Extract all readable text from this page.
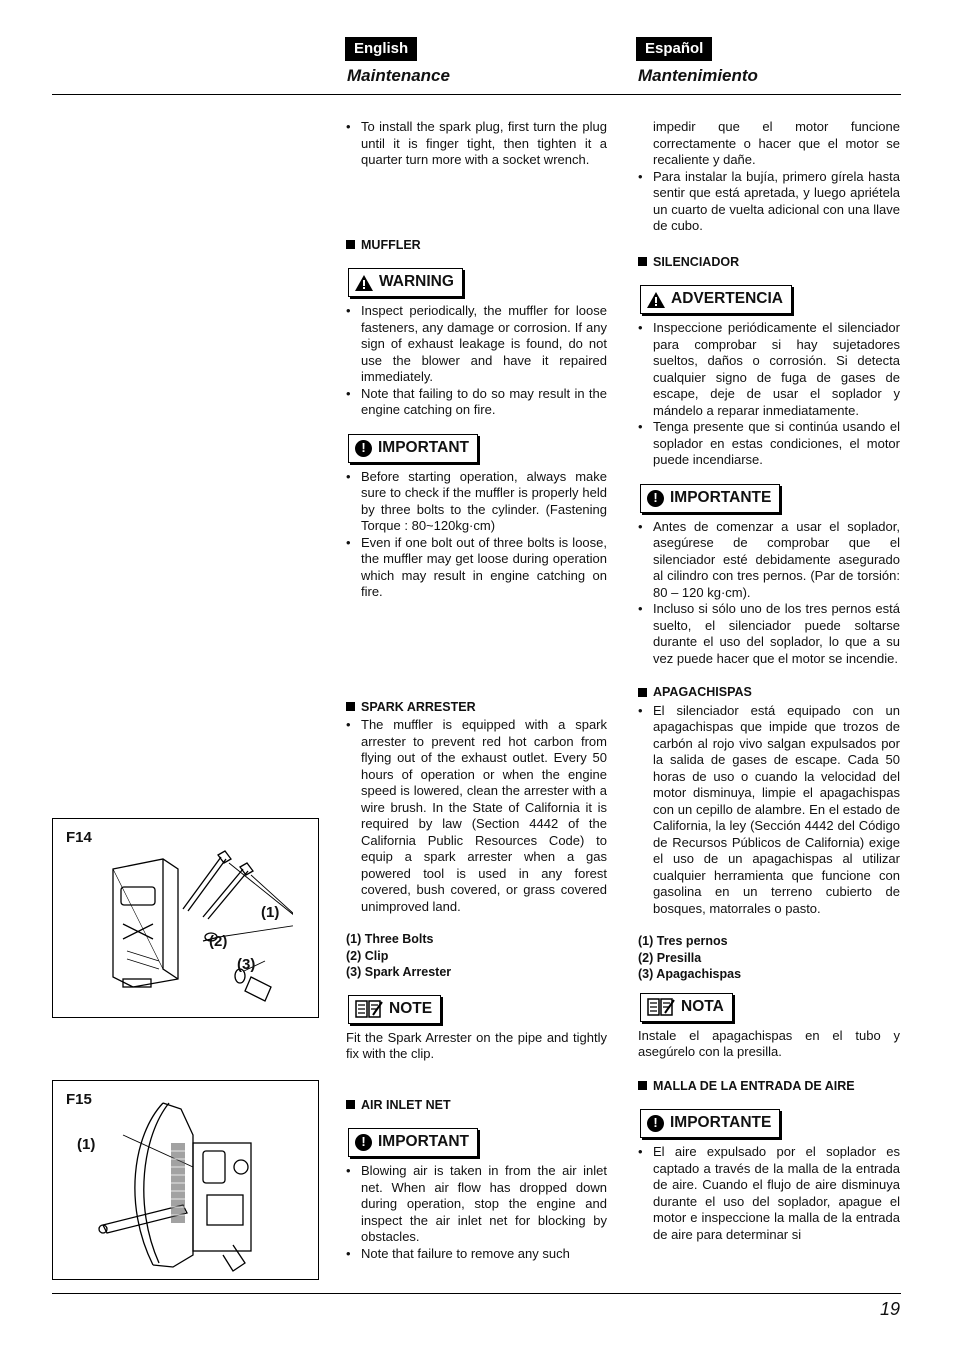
English	Español
Maintenance	Mantenimiento
F14
(1)
(2)
(3)
F15
(1)

• To install the spark plug, first turn the plug until it is finger tight, then tighten it a quarter turn more with a socket wrench.

MUFFLER
WARNING

• Inspect periodically, the muffler for loose fasteners, any damage or corrosion. If any sign of exhaust leakage is found, do not use the blower and have it repaired immediately.

• Note that failing to do so may result in the engine catching on fire.

! IMPORTANT

• Before starting operation, always make sure to check if the muffler is properly held by three bolts to the cylinder. (Fastening Torque : 80~120kg·cm)

• Even if one bolt out of three bolts is loose, the muffler may get loose during operation which may result in engine catching on fire.

SPARK ARRESTER

• The muffler is equipped with a spark arrester to prevent red hot carbon from flying out of the exhaust outlet. Every 50 hours of operation or when the engine speed is lowered, clean the arrester with a wire brush. In the State of California it is required by law (Section 4442 of the California Public Resources Code) to equip a spark arrester when a gas powered tool is used in any forest covered, bush covered, or grass covered unimproved land.

(1) Three Bolts
(2) Clip
(3) Spark Arrester
NOTE

Fit the Spark Arrester on the pipe and tightly fix with the clip.

AIR INLET NET
! IMPORTANT

• Blowing air is taken in from the air inlet net. When air flow has dropped down during operation, stop the engine and inspect the air inlet net for blocking by obstacles.

• Note that failure to remove any such

impedir que el motor funcione correctamente o hacer que el motor se recaliente y dañe.

• Para instalar la bujía, primero gírela hasta sentir que está apretada, y luego apriétela un cuarto de vuelta adicional con una llave de cubo.

SILENCIADOR
ADVERTENCIA

• Inspeccione periódicamente el silenciador para comprobar si hay sujetadores sueltos, daños o corrosión. Si detecta cualquier signo de fuga de gases de escape, deje de usar el soplador y mándelo a reparar inmediatamente.

• Tenga presente que si continúa usando el soplador en estas condiciones, el motor puede incendiarse.

! IMPORTANTE

• Antes de comenzar a usar el soplador, asegúrese de comprobar que el silenciador esté debidamente asegurado al cilindro con tres pernos. (Par de torsión: 80 – 120 kg·cm).

• Incluso si sólo uno de los tres pernos está suelto, el silenciador puede soltarse durante el uso del soplador, lo que a su vez puede hacer que el motor se incendie.

APAGACHISPAS

• El silenciador está equipado con un apagachispas que impide que trozos de carbón al rojo vivo salgan expulsados por la salida de gases de escape. Cada 50 horas de uso o cuando la velocidad del motor disminuya, limpie el apagachispas con un cepillo de alambre. En el estado de California, la ley (Sección 4442 del Código de Recursos Públicos de California) exige el uso de un apagachispas al utilizar cualquier herramienta que funcione con gasolina en un terreno cubierto de bosques, matorrales o pasto.

(1) Tres pernos
(2) Presilla
(3) Apagachispas
NOTA

Instale el apagachispas en el tubo y asegúrelo con la presilla.

MALLA DE LA ENTRADA DE AIRE
! IMPORTANTE

• El aire expulsado por el soplador es captado a través de la malla de la entrada de aire. Cuando el flujo de aire disminuya durante el uso del soplador, apague el motor e inspeccione la malla de la entrada de aire para determinar si

19
